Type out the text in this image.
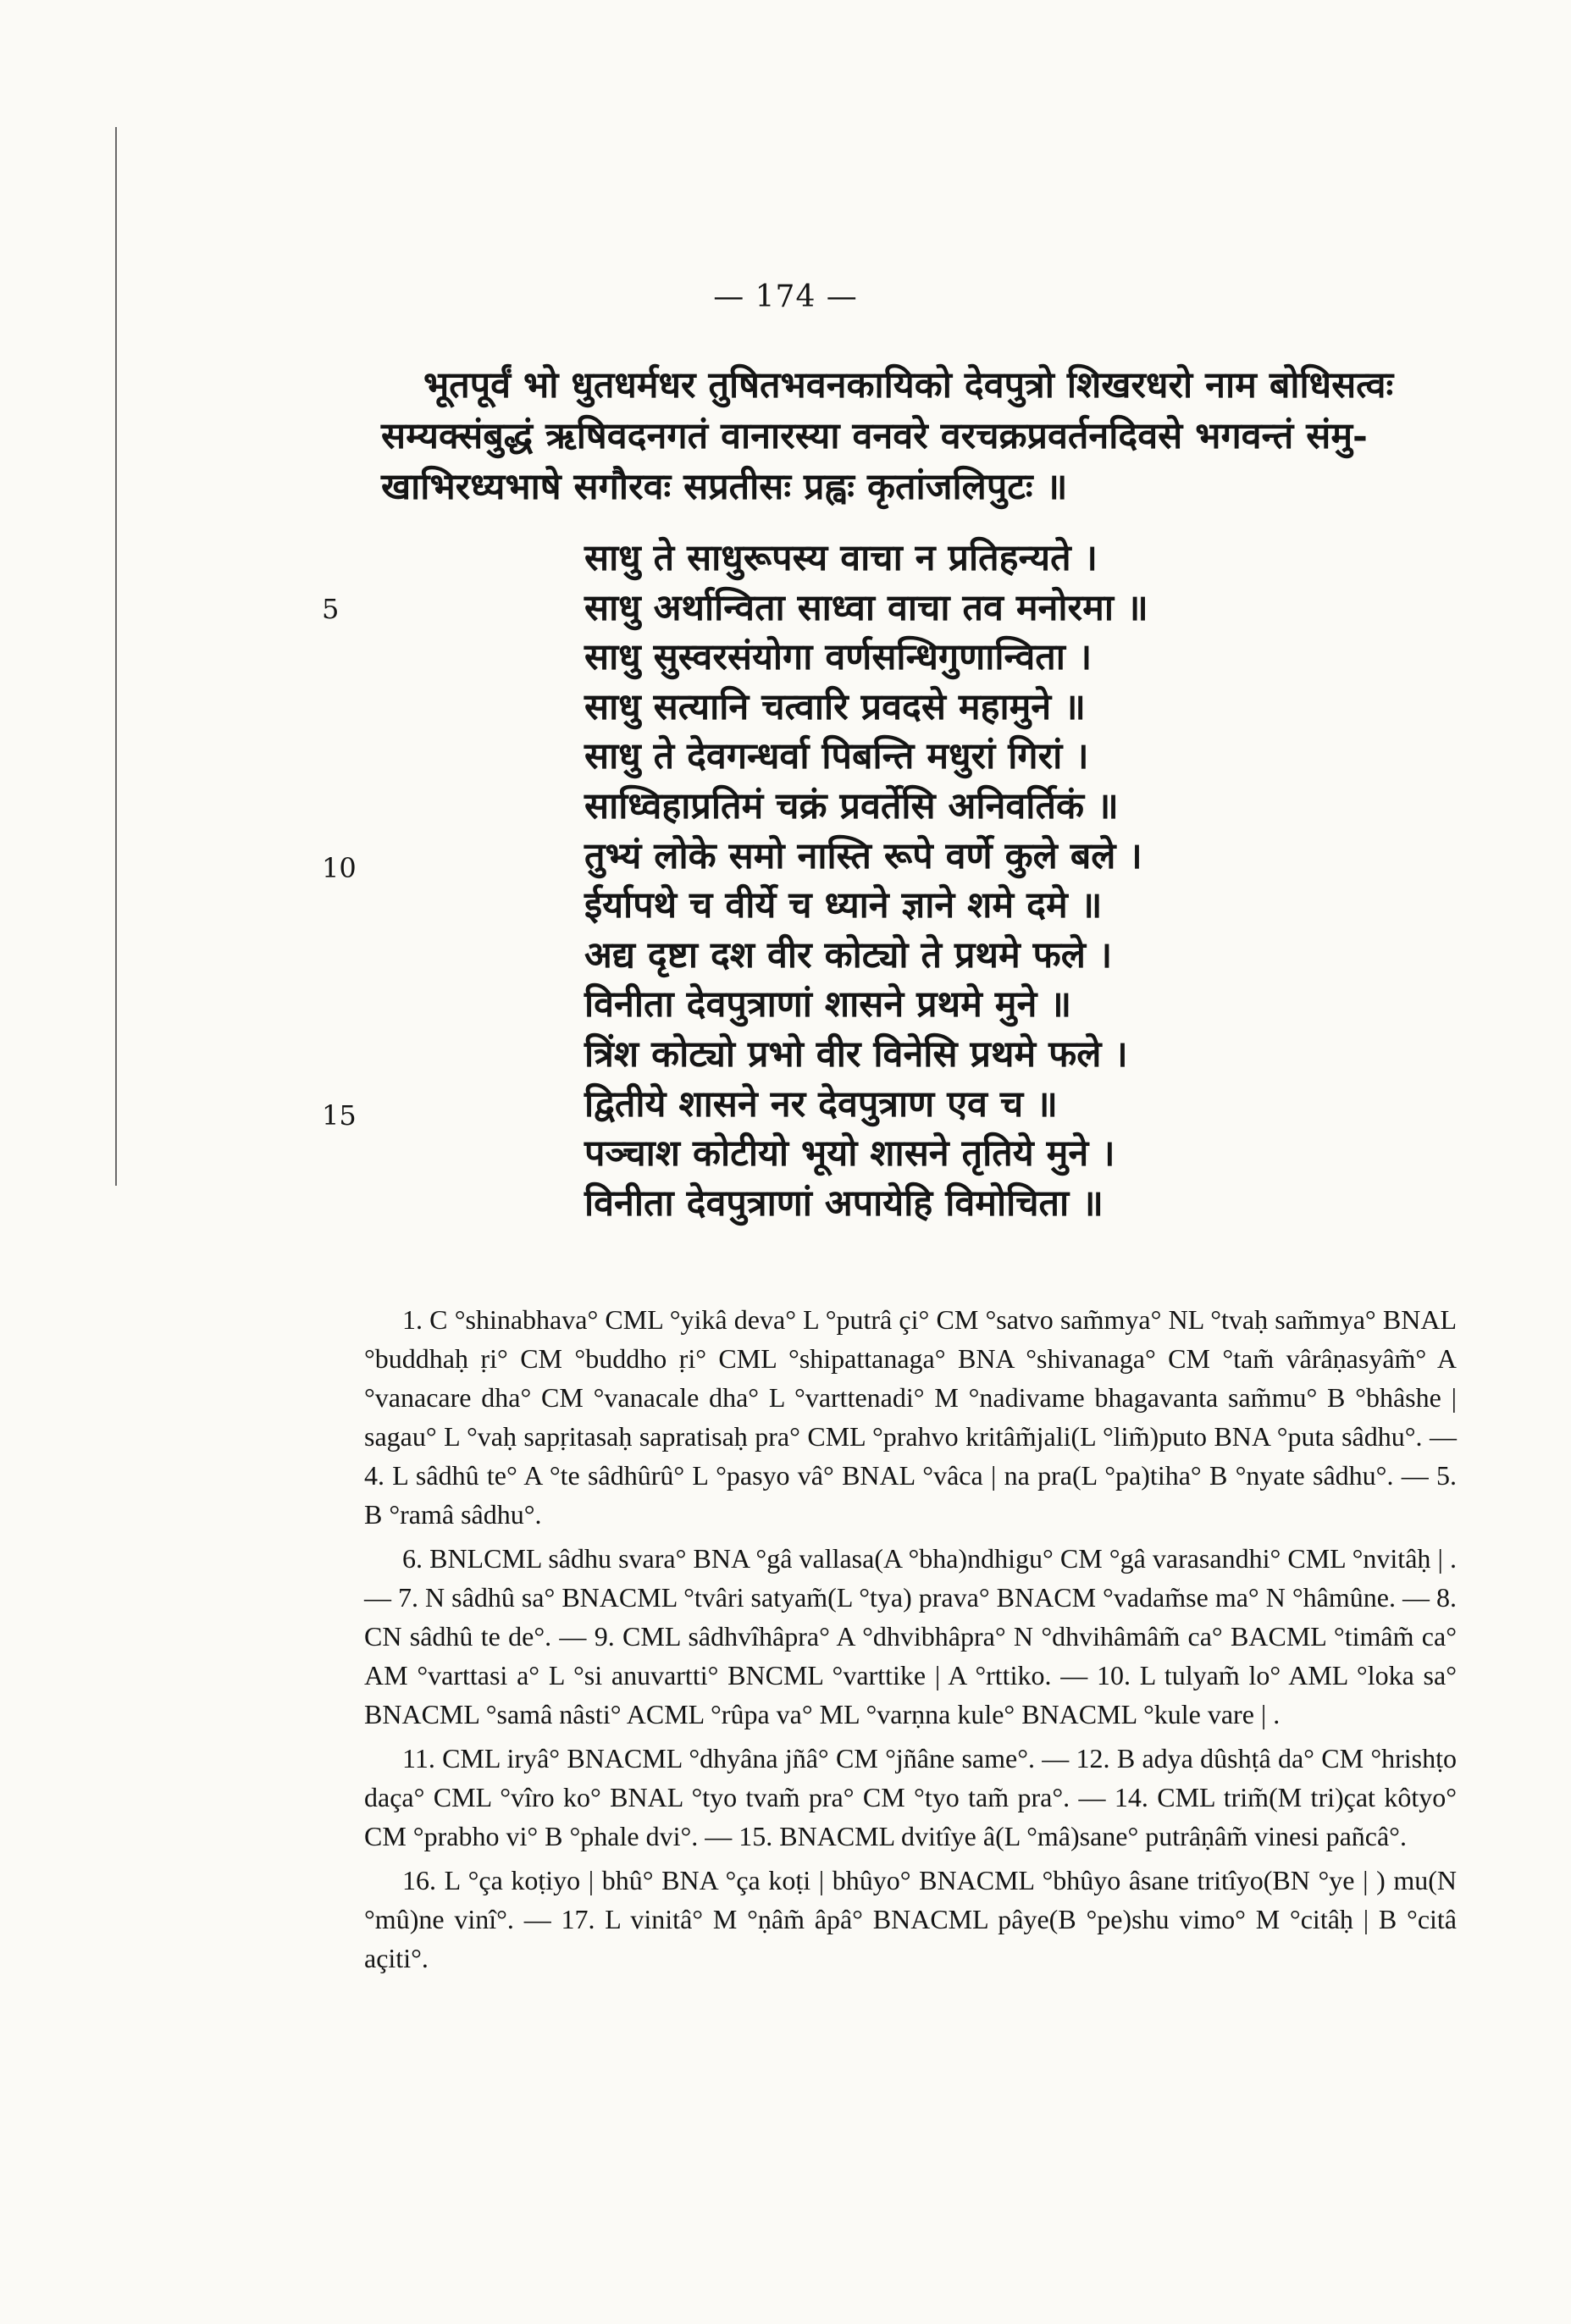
— 174 —
भूतपूर्वं भो धुतधर्मधर तुषितभवनकायिको देवपुत्रो शिखरधरो नाम बोधिसत्वः
सम्यक्संबुद्धं ऋषिवदनगतं वानारस्या वनवरे वरचक्रप्रवर्तनदिवसे भगवन्तं संमु-
खाभिरध्यभाषे सगौरवः सप्रतीसः प्रह्वः कृतांजलिपुटः ॥
5
10
15
साधु ते साधुरूपस्य वाचा न प्रतिहन्यते ।
साधु अर्थान्विता साध्वा वाचा तव मनोरमा ॥
साधु सुस्वरसंयोगा वर्णसन्धिगुणान्विता ।
साधु सत्यानि चत्वारि प्रवदसे महामुने ॥
साधु ते देवगन्धर्वा पिबन्ति मधुरां गिरां ।
साध्विहाप्रतिमं चक्रं प्रवर्तेसि अनिवर्तिकं ॥
तुभ्यं लोके समो नास्ति रूपे वर्णे कुले बले ।
ईर्यापथे च वीर्ये च ध्याने ज्ञाने शमे दमे ॥
अद्य दृष्टा दश वीर कोट्यो ते प्रथमे फले ।
विनीता देवपुत्राणां शासने प्रथमे मुने ॥
त्रिंश कोट्यो प्रभो वीर विनेसि प्रथमे फले ।
द्वितीये शासने नर देवपुत्राण एव च ॥
पञ्चाश कोटीयो भूयो शासने तृतिये मुने ।
विनीता देवपुत्राणां अपायेहि विमोचिता ॥

1. C °shinabhava° CML °yikâ deva° L °putrâ çi° CM °satvo sam̃mya° NL °tvaḥ sam̃mya° BNAL °buddhaḥ ṛi° CM °buddho ṛi° CML °shipattanaga° BNA °shivanaga° CM °tam̃ vârâṇasyâm̃° A °vanacare dha° CM °vanacale dha° L °varttenadi° M °nadivame bhagavanta sam̃mu° B °bhâshe | sagau° L °vaḥ sapṛitasaḥ sapratisaḥ pra° CML °prahvo kritâm̃jali(L °lim̃)puto BNA °puta sâdhu°. — 4. L sâdhû te° A °te sâdhûrû° L °pasyo vâ° BNAL °vâca | na pra(L °pa)tiha° B °nyate sâdhu°. — 5. B °ramâ sâdhu°.

6. BNLCML sâdhu svara° BNA °gâ vallasa(A °bha)ndhigu° CM °gâ varasandhi° CML °nvitâḥ | . — 7. N sâdhû sa° BNACML °tvâri satyam̃(L °tya) prava° BNACM °vadam̃se ma° N °hâmûne. — 8. CN sâdhû te de°. — 9. CML sâdhvîhâpra° A °dhvibhâpra° N °dhvihâmâm̃ ca° BACML °timâm̃ ca° AM °varttasi a° L °si anuvartti° BNCML °varttike | A °rttiko. — 10. L tulyam̃ lo° AML °loka sa° BNACML °samâ nâsti° ACML °rûpa va° ML °varṇna kule° BNACML °kule vare | .

11. CML iryâ° BNACML °dhyâna jñâ° CM °jñâne same°. — 12. B adya dûshṭâ da° CM °hrishṭo daça° CML °vîro ko° BNAL °tyo tvam̃ pra° CM °tyo tam̃ pra°. — 14. CML trim̃(M tri)çat kôtyo° CM °prabho vi° B °phale dvi°. — 15. BNACML dvitîye â(L °mâ)sane° putrâṇâm̃ vinesi pañcâ°.

16. L °ça koṭiyo | bhû° BNA °ça koṭi | bhûyo° BNACML °bhûyo âsane tritîyo(BN °ye | ) mu(N °mû)ne vinî°. — 17. L vinitâ° M °ṇâm̃ âpâ° BNACML pâye(B °pe)shu vimo° M °citâḥ | B °citâ açiti°.
